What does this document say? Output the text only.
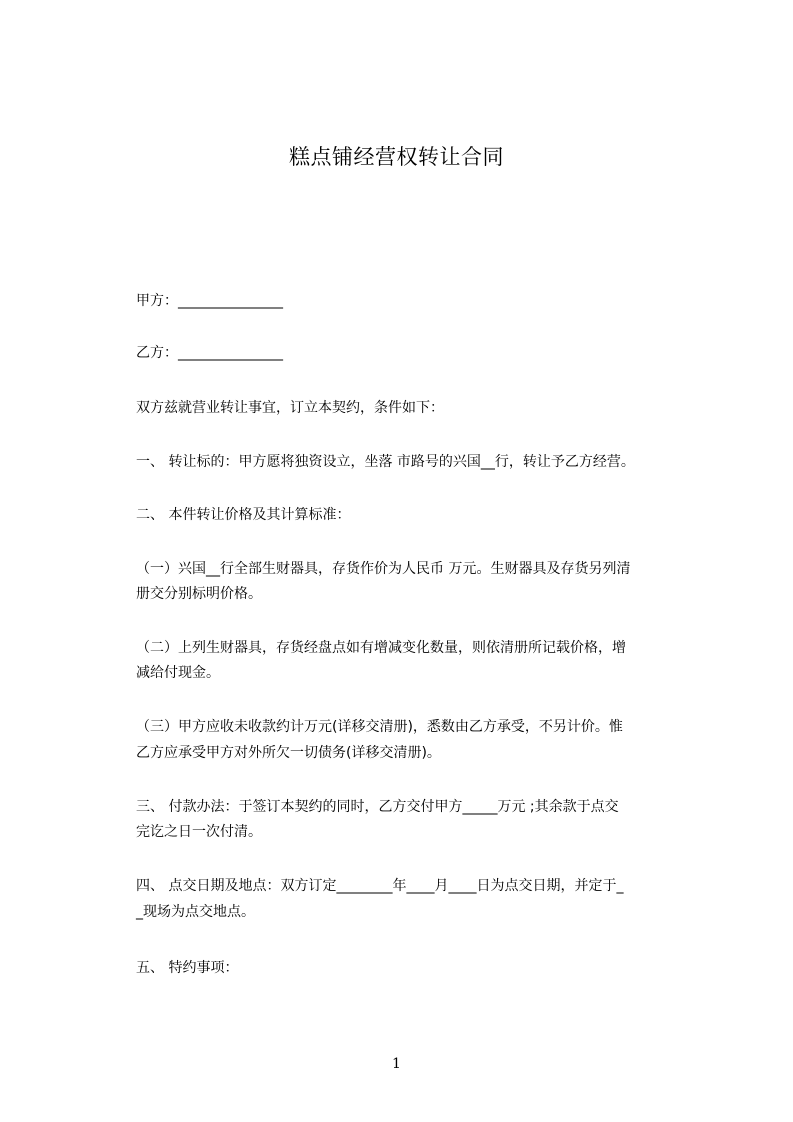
糕点铺经营权转让合同
甲方：_______________
乙方：_______________
双方兹就营业转让事宜，订立本契约，条件如下：
一、 转让标的：甲方愿将独资设立，坐落 市路号的兴国__行，转让予乙方经营。
二、 本件转让价格及其计算标准：
（一）兴国__行全部生财器具，存货作价为人民币 万元。生财器具及存货另列清
册交分别标明价格。
（二）上列生财器具，存货经盘点如有增减变化数量，则依清册所记载价格，增
减给付现金。
（三）甲方应收未收款约计万元(详移交清册)，悉数由乙方承受，不另计价。惟
乙方应承受甲方对外所欠一切债务(详移交清册)。
三、 付款办法：于签订本契约的同时，乙方交付甲方_____万元 ;其余款于点交
完讫之日一次付清。
四、 点交日期及地点：双方订定________年____月____日为点交日期，并定于_
_现场为点交地点。
五、 特约事项：
1
